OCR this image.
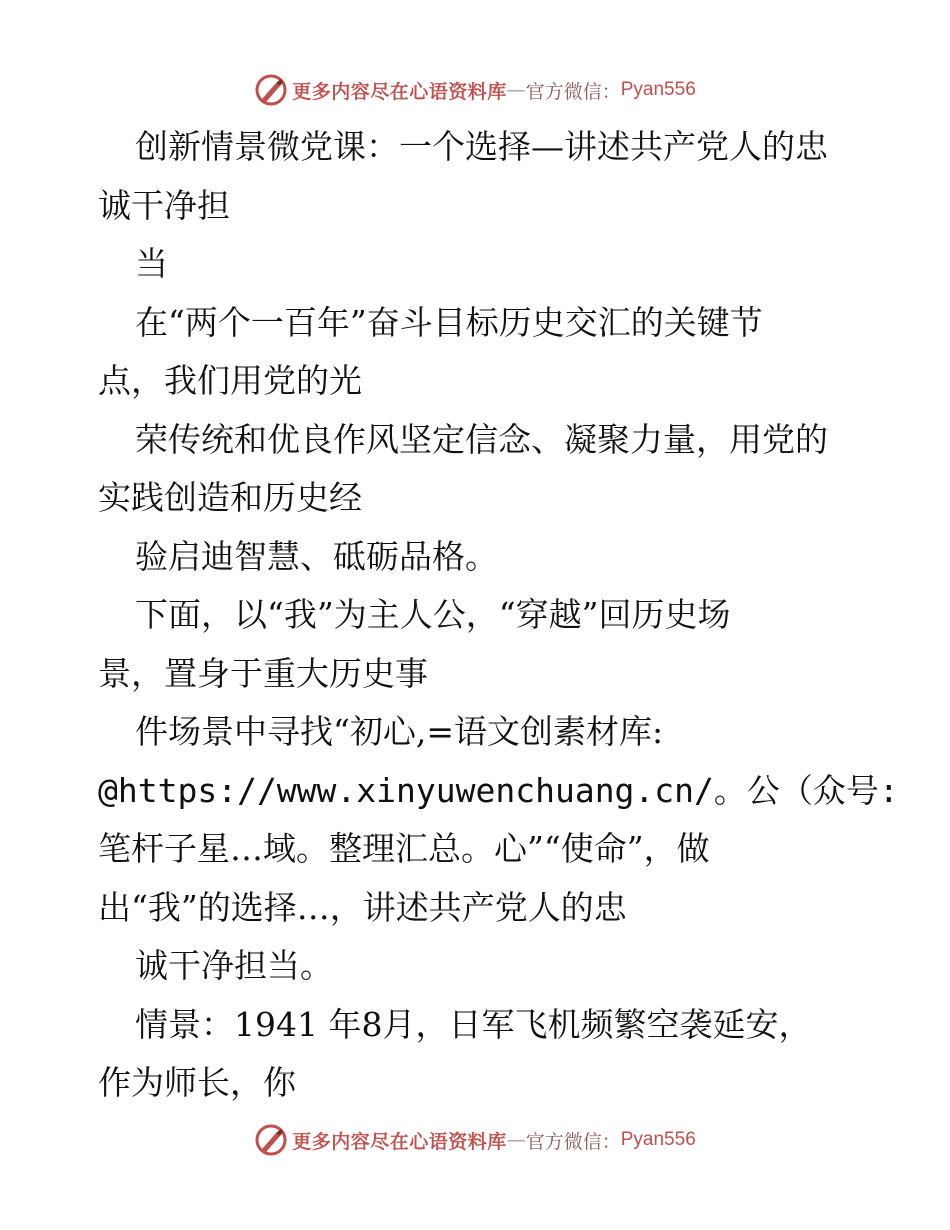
更多内容尽在心语资料库 — 官方微信： Pyan556
创新情景微党课：一个选择—讲述共产党人的忠
诚干净担
当
在“两个一百年”奋斗目标历史交汇的关键节
点，我们用党的光
荣传统和优良作风坚定信念、凝聚力量，用党的
实践创造和历史经
验启迪智慧、砥砺品格。
下面，以“我”为主人公，“穿越”回历史场
景，置身于重大历史事
件场景中寻找“初心,=语文创素材库:
@https://www.xinyuwenchuang.cn/。公（众号:
笔杆子星…域。整理汇总。心”“使命”，做
出“我”的选择…，讲述共产党人的忠
诚干净担当。
情景：1941 年8月，日军飞机频繁空袭延安，
作为师长，你
更多内容尽在心语资料库 — 官方微信： Pyan556
